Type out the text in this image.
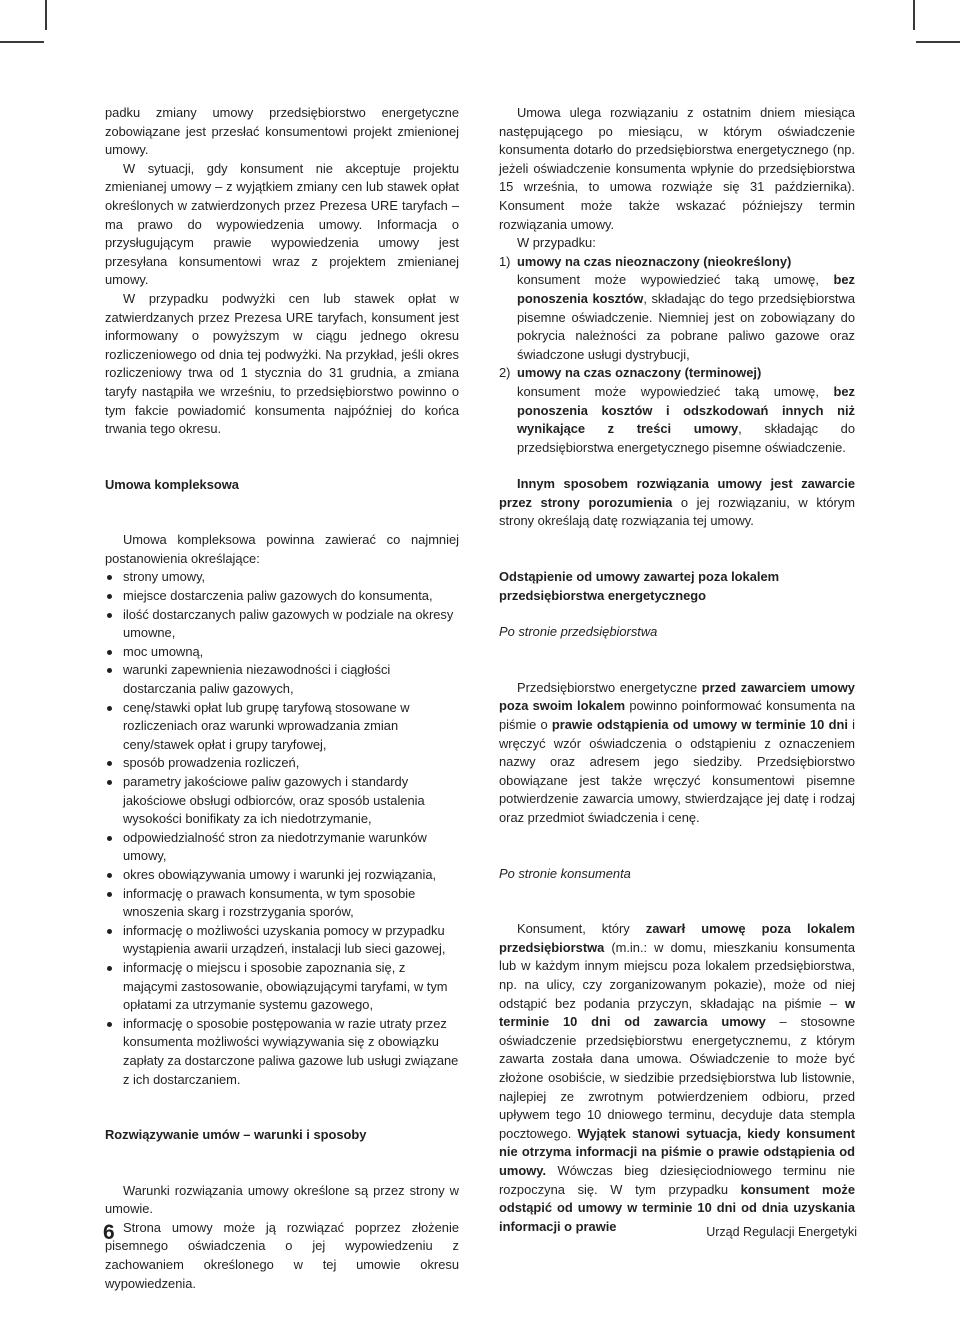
padku zmiany umowy przedsiębiorstwo energetyczne zobowiązane jest przesłać konsumentowi projekt zmienionej umowy.

W sytuacji, gdy konsument nie akceptuje projektu zmienianej umowy – z wyjątkiem zmiany cen lub stawek opłat określonych w zatwierdzonych przez Prezesa URE taryfach – ma prawo do wypowiedzenia umowy. Informacja o przysługującym prawie wypowiedzenia umowy jest przesyłana konsumentowi wraz z projektem zmienianej umowy.

W przypadku podwyżki cen lub stawek opłat w zatwierdzanych przez Prezesa URE taryfach, konsument jest informowany o powyższym w ciągu jednego okresu rozliczeniowego od dnia tej podwyżki. Na przykład, jeśli okres rozliczeniowy trwa od 1 stycznia do 31 grudnia, a zmiana taryfy nastąpiła we wrześniu, to przedsiębiorstwo powinno o tym fakcie powiadomić konsumenta najpóźniej do końca trwania tego okresu.

Umowa kompleksowa

Umowa kompleksowa powinna zawierać co najmniej postanowienia określające:

strony umowy,
miejsce dostarczenia paliw gazowych do konsumenta,
ilość dostarczanych paliw gazowych w podziale na okresy umowne,
moc umowną,
warunki zapewnienia niezawodności i ciągłości dostarczania paliw gazowych,
cenę/stawki opłat lub grupę taryfową stosowane w rozliczeniach oraz warunki wprowadzania zmian ceny/stawek opłat i grupy taryfowej,
sposób prowadzenia rozliczeń,
parametry jakościowe paliw gazowych i standardy jakościowe obsługi odbiorców, oraz sposób ustalenia wysokości bonifikaty za ich niedotrzymanie,
odpowiedzialność stron za niedotrzymanie warunków umowy,
okres obowiązywania umowy i warunki jej rozwiązania,
informację o prawach konsumenta, w tym sposobie wnoszenia skarg i rozstrzygania sporów,
informację o możliwości uzyskania pomocy w przypadku wystąpienia awarii urządzeń, instalacji lub sieci gazowej,
informację o miejscu i sposobie zapoznania się, z mającymi zastosowanie, obowiązującymi taryfami, w tym opłatami za utrzymanie systemu gazowego,
informację o sposobie postępowania w razie utraty przez konsumenta możliwości wywiązywania się z obowiązku zapłaty za dostarczone paliwa gazowe lub usługi związane z ich dostarczaniem.

Rozwiązywanie umów – warunki i sposoby

Warunki rozwiązania umowy określone są przez strony w umowie.

Strona umowy może ją rozwiązać poprzez złożenie pisemnego oświadczenia o jej wypowiedzeniu z zachowaniem określonego w tej umowie okresu wypowiedzenia.

Umowa ulega rozwiązaniu z ostatnim dniem miesiąca następującego po miesiącu, w którym oświadczenie konsumenta dotarło do przedsiębiorstwa energetycznego (np. jeżeli oświadczenie konsumenta wpłynie do przedsiębiorstwa 15 września, to umowa rozwiąże się 31 października). Konsument może także wskazać późniejszy termin rozwiązania umowy.

W przypadku:

1) umowy na czas nieoznaczony (nieokreślony)

konsument może wypowiedzieć taką umowę, bez ponoszenia kosztów, składając do tego przedsiębiorstwa pisemne oświadczenie. Niemniej jest on zobowiązany do pokrycia należności za pobrane paliwo gazowe oraz świadczone usługi dystrybucji,

2) umowy na czas oznaczony (terminowej)

konsument może wypowiedzieć taką umowę, bez ponoszenia kosztów i odszkodowań innych niż wynikające z treści umowy, składając do przedsiębiorstwa energetycznego pisemne oświadczenie.

Innym sposobem rozwiązania umowy jest zawarcie przez strony porozumienia o jej rozwiązaniu, w którym strony określają datę rozwiązania tej umowy.

Odstąpienie od umowy zawartej poza lokalem przedsiębiorstwa energetycznego

Po stronie przedsiębiorstwa

Przedsiębiorstwo energetyczne przed zawarciem umowy poza swoim lokalem powinno poinformować konsumenta na piśmie o prawie odstąpienia od umowy w terminie 10 dni i wręczyć wzór oświadczenia o odstąpieniu z oznaczeniem nazwy oraz adresem jego siedziby. Przedsiębiorstwo obowiązane jest także wręczyć konsumentowi pisemne potwierdzenie zawarcia umowy, stwierdzające jej datę i rodzaj oraz przedmiot świadczenia i cenę.

Po stronie konsumenta

Konsument, który zawarł umowę poza lokalem przedsiębiorstwa (m.in.: w domu, mieszkaniu konsumenta lub w każdym innym miejscu poza lokalem przedsiębiorstwa, np. na ulicy, czy zorganizowanym pokazie), może od niej odstąpić bez podania przyczyn, składając na piśmie – w terminie 10 dni od zawarcia umowy – stosowne oświadczenie przedsiębiorstwu energetycznemu, z którym zawarta została dana umowa. Oświadczenie to może być złożone osobiście, w siedzibie przedsiębiorstwa lub listownie, najlepiej ze zwrotnym potwierdzeniem odbioru, przed upływem tego 10 dniowego terminu, decyduje data stempla pocztowego. Wyjątek stanowi sytuacja, kiedy konsument nie otrzyma informacji na piśmie o prawie odstąpienia od umowy. Wówczas bieg dziesięciodniowego terminu nie rozpoczyna się. W tym przypadku konsument może odstąpić od umowy w terminie 10 dni od dnia uzyskania informacji o prawie

6	Urząd Regulacji Energetyki
